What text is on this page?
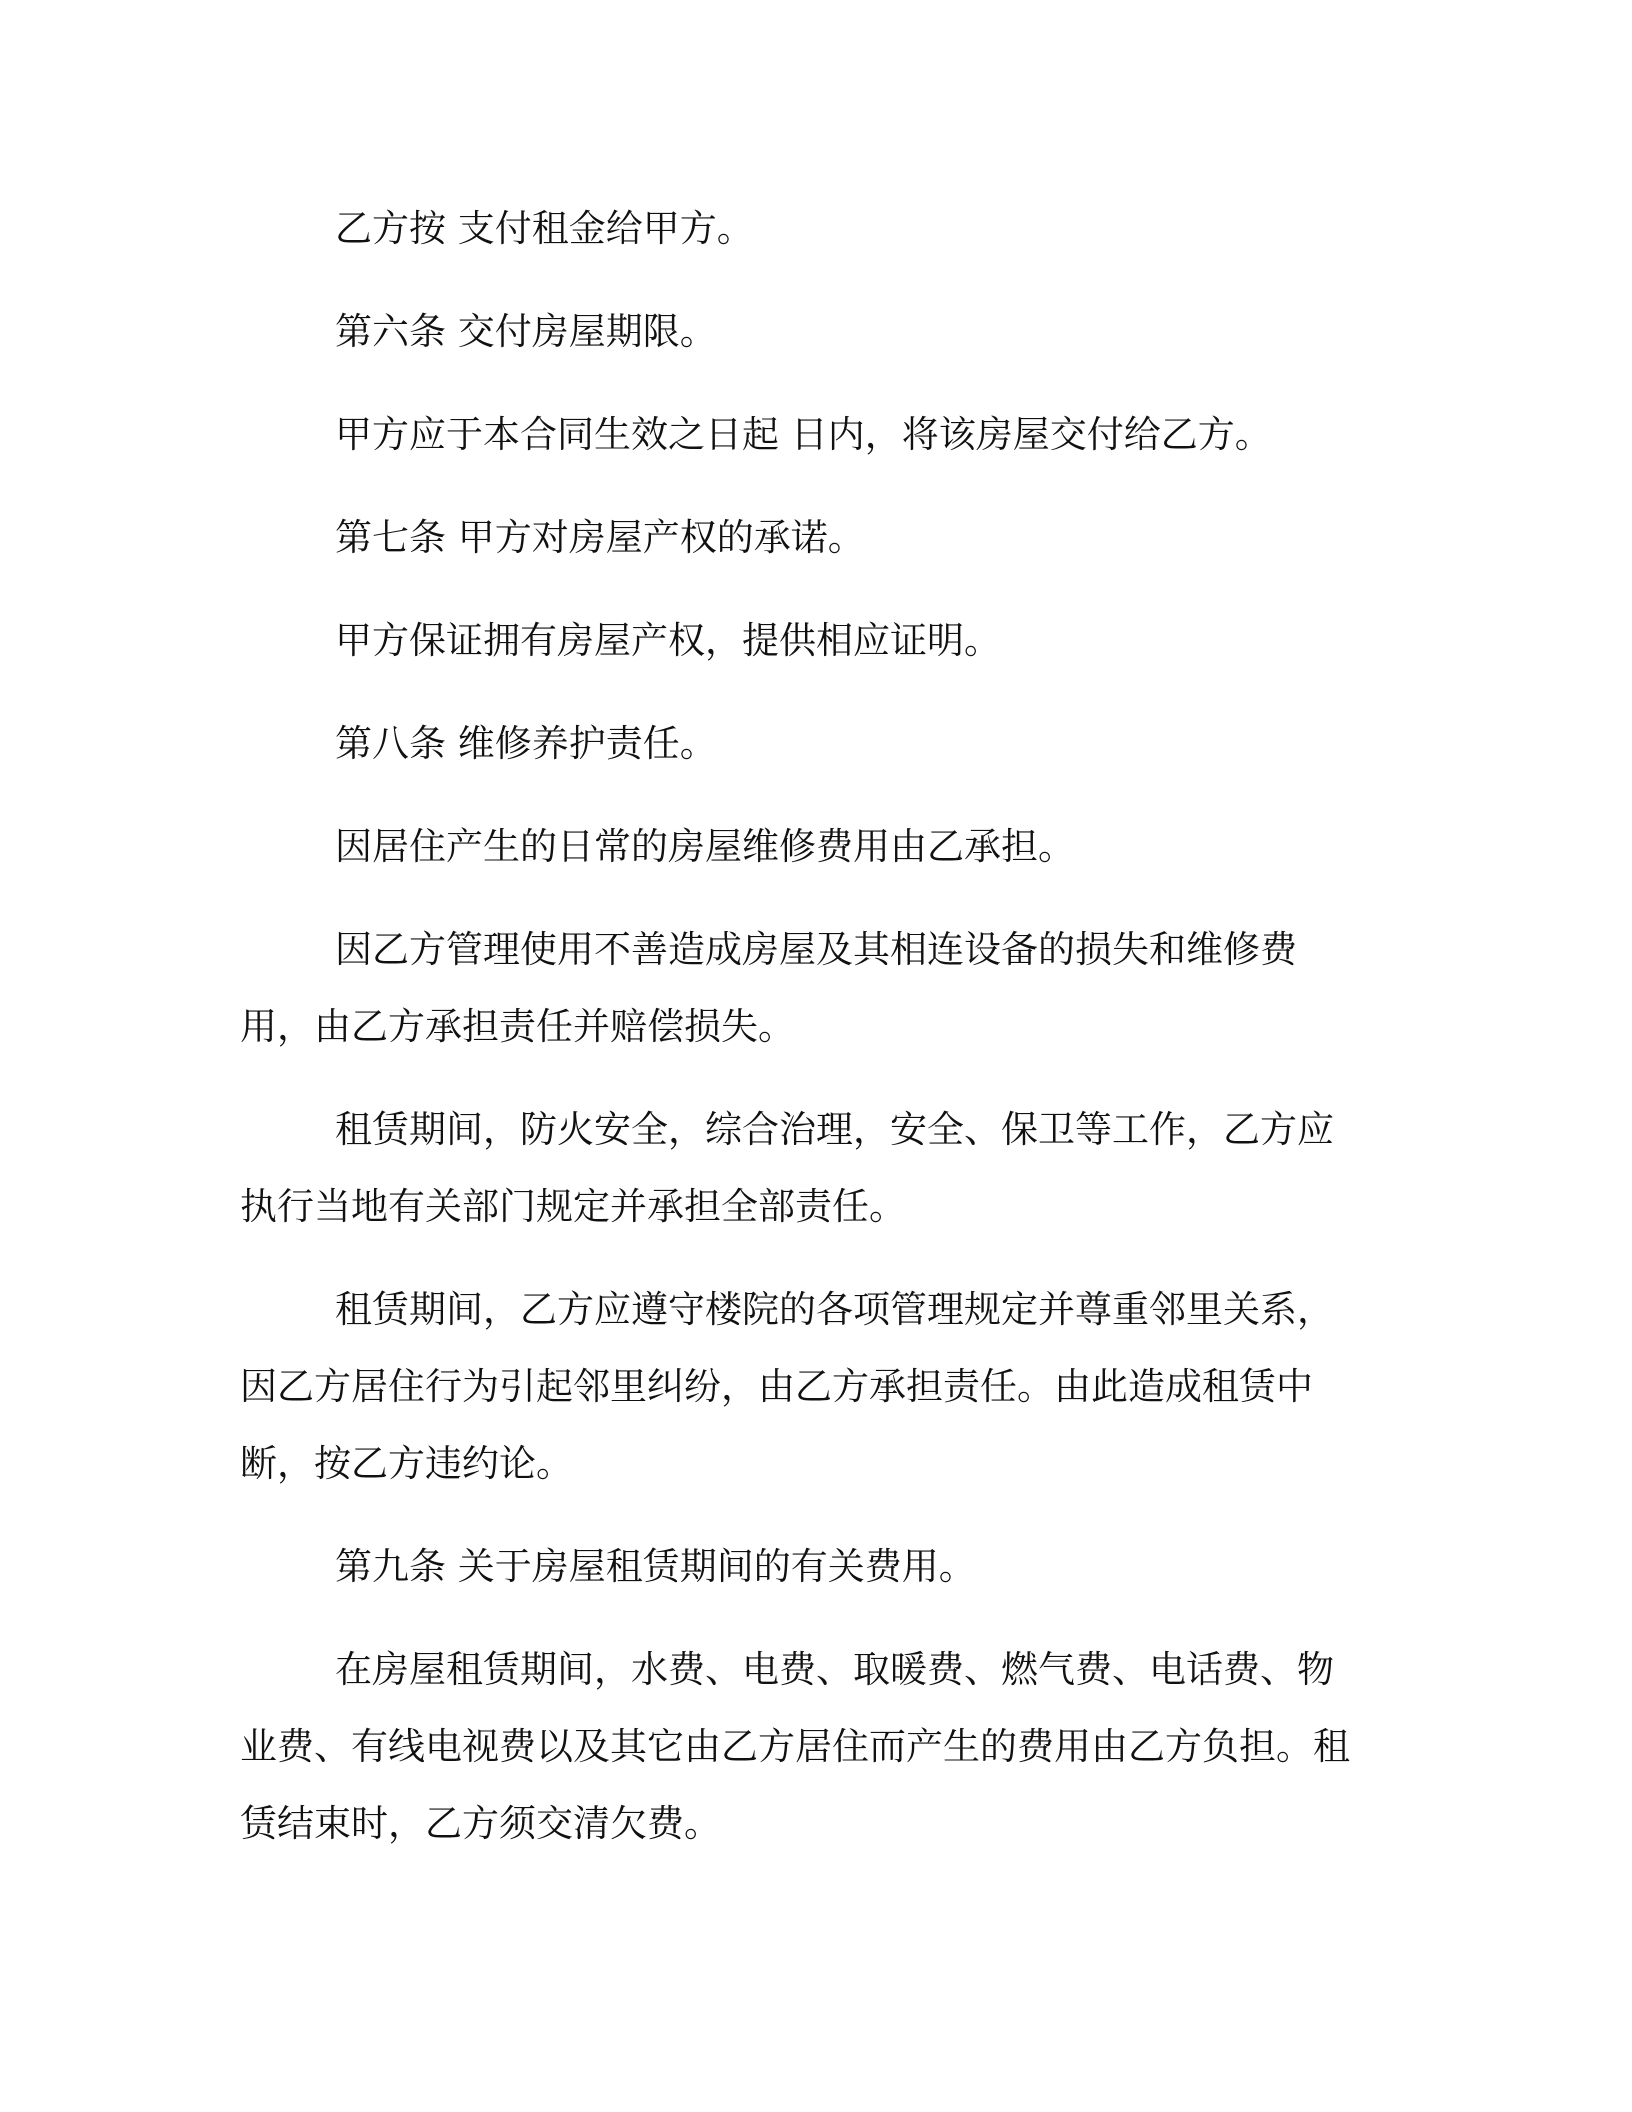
乙方按 支付租金给甲方。

第六条 交付房屋期限。

甲方应于本合同生效之日起 日内，将该房屋交付给乙方。

第七条 甲方对房屋产权的承诺。

甲方保证拥有房屋产权，提供相应证明。

第八条 维修养护责任。

因居住产生的日常的房屋维修费用由乙承担。

因乙方管理使用不善造成房屋及其相连设备的损失和维修费用，由乙方承担责任并赔偿损失。

租赁期间，防火安全，综合治理，安全、保卫等工作，乙方应执行当地有关部门规定并承担全部责任。

租赁期间，乙方应遵守楼院的各项管理规定并尊重邻里关系，因乙方居住行为引起邻里纠纷，由乙方承担责任。由此造成租赁中断，按乙方违约论。

第九条 关于房屋租赁期间的有关费用。

在房屋租赁期间，水费、电费、取暖费、燃气费、电话费、物业费、有线电视费以及其它由乙方居住而产生的费用由乙方负担。租赁结束时，乙方须交清欠费。
